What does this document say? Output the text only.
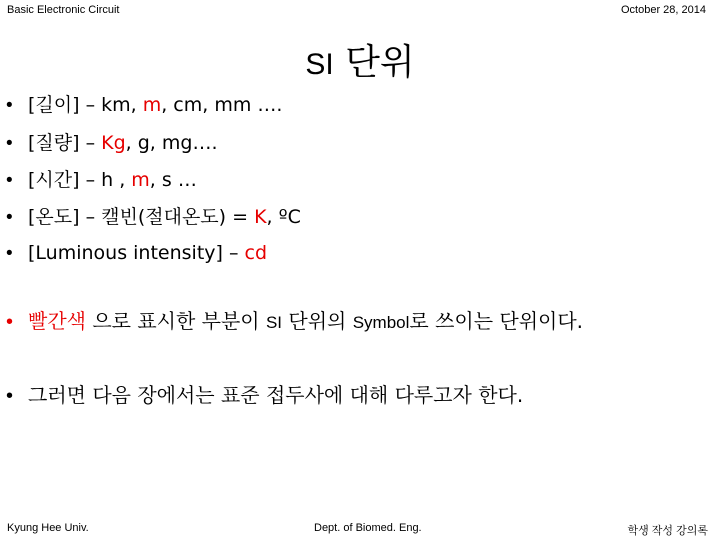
Basic Electronic Circuit	October 28, 2014
SI 단위
• [길이] – km, m, cm, mm ….
• [질량] – Kg, g, mg….
• [시간] – h , m, s …
• [온도] – 캘빈(절대온도) = K, ºC
• [Luminous intensity] – cd
• 빨간색 으로 표시한 부분이 SI 단위의 Symbol로 쓰이는 단위이다.
• 그러면 다음 장에서는 표준 접두사에 대해 다루고자 한다.
Kyung Hee Univ.	Dept. of Biomed. Eng.	학생 작성 강의록
